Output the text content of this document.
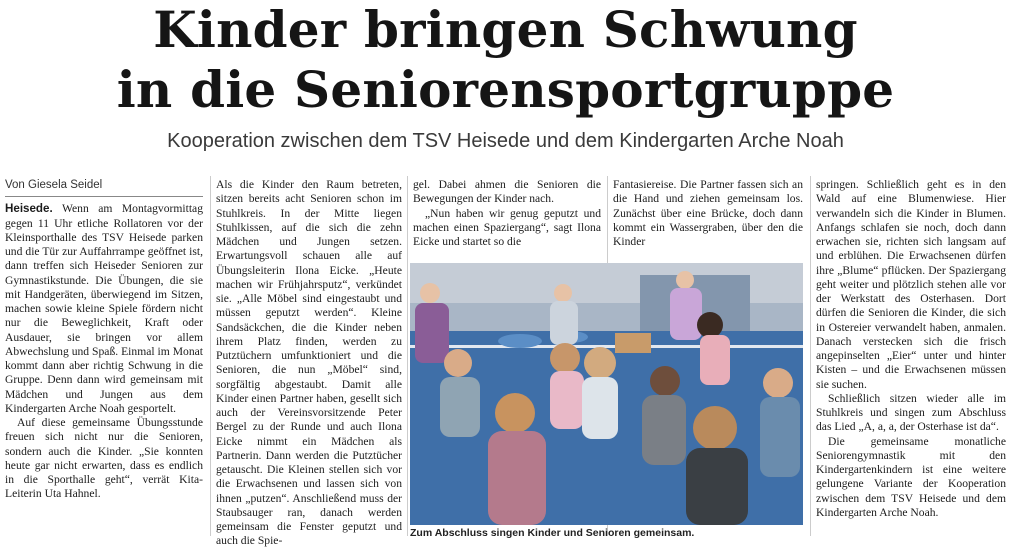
Kinder bringen Schwung
in die Seniorensportgruppe
Kooperation zwischen dem TSV Heisede und dem Kindergarten Arche Noah
Von Giesela Seidel

Heisede. Wenn am Montagvormittag gegen 11 Uhr etliche Rollatoren vor der Kleinsporthalle des TSV Heisede parken und die Tür zur Auffahrrampe geöffnet ist, dann treffen sich Heiseder Senioren zur Gymnastikstunde. Die Übungen, die sie mit Handgeräten, überwiegend im Sitzen, machen sowie kleine Spiele fördern nicht nur die Beweglichkeit, Kraft oder Ausdauer, sie bringen vor allem Abwechslung und Spaß. Einmal im Monat kommt dann aber richtig Schwung in die Gruppe. Denn dann wird gemeinsam mit Mädchen und Jungen aus dem Kindergarten Arche Noah gesportelt.

Auf diese gemeinsame Übungsstunde freuen sich nicht nur die Senioren, sondern auch die Kinder. „Sie konnten heute gar nicht erwarten, dass es endlich in die Sporthalle geht“, verrät Kita-Leiterin Uta Hahnel.

Als die Kinder den Raum betreten, sitzen bereits acht Senioren schon im Stuhlkreis. In der Mitte liegen Stuhlkissen, auf die sich die zehn Mädchen und Jungen setzen. Erwartungsvoll schauen alle auf Übungsleiterin Ilona Eicke. „Heute machen wir Frühjahrsputz“, verkündet sie. „Alle Möbel sind eingestaubt und müssen geputzt werden“. Kleine Sandsäckchen, die die Kinder neben ihrem Platz finden, werden zu Putztüchern umfunktioniert und die Senioren, die nun „Möbel“ sind, sorgfältig abgestaubt. Damit alle Kinder einen Partner haben, gesellt sich auch der Vereinsvorsitzende Peter Bergel zu der Runde und auch Ilona Eicke nimmt ein Mädchen als Partnerin. Dann werden die Putztücher getauscht. Die Kleinen stellen sich vor die Erwachsenen und lassen sich von ihnen „putzen“. Anschließend muss der Staubsauger ran, danach werden gemeinsam die Fenster geputzt und auch die Spie-

gel. Dabei ahmen die Senioren die Bewegungen der Kinder nach.

„Nun haben wir genug geputzt und machen einen Spaziergang“, sagt Ilona Eicke und startet so die

Fantasiereise. Die Partner fassen sich an die Hand und ziehen gemeinsam los. Zunächst über eine Brücke, doch dann kommt ein Wassergraben, über den die Kinder

springen. Schließlich geht es in den Wald auf eine Blumenwiese. Hier verwandeln sich die Kinder in Blumen. Anfangs schlafen sie noch, doch dann erwachen sie, richten sich langsam auf und erblühen. Die Erwachsenen dürfen ihre „Blume“ pflücken. Der Spaziergang geht weiter und plötzlich stehen alle vor der Werkstatt des Osterhasen. Dort dürfen die Senioren die Kinder, die sich in Ostereier verwandelt haben, anmalen. Danach verstecken sich die frisch angepinselten „Eier“ unter und hinter Kisten – und die Erwachsenen müssen sie suchen.

Schließlich sitzen wieder alle im Stuhlkreis und singen zum Abschluss das Lied „A, a, a, der Osterhase ist da“.

Die gemeinsame monatliche Seniorengymnastik mit den Kindergartenkindern ist eine weitere gelungene Variante der Kooperation zwischen dem TSV Heisede und dem Kindergarten Arche Noah.

Zum Abschluss singen Kinder und Senioren gemeinsam.
